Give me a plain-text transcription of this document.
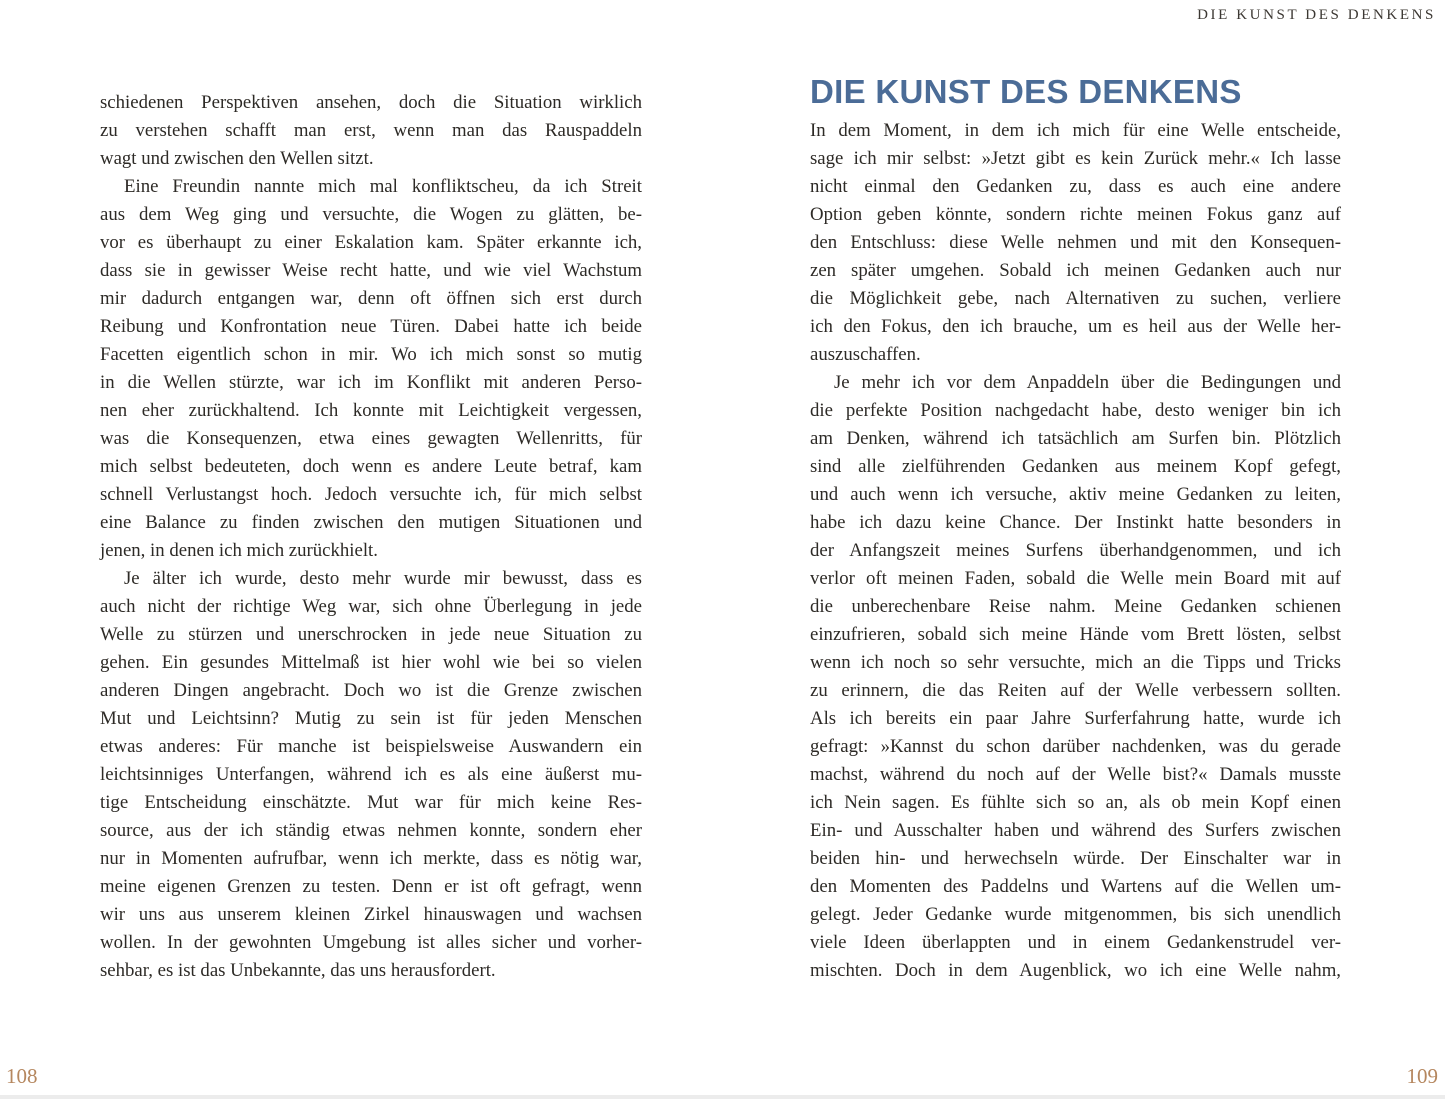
DIE KUNST DES DENKENS
schiedenen Perspektiven ansehen, doch die Situation wirklich
zu verstehen schafft man erst, wenn man das Rauspaddeln
wagt und zwischen den Wellen sitzt.
Eine Freundin nannte mich mal konfliktscheu, da ich Streit
aus dem Weg ging und versuchte, die Wogen zu glätten, be-
vor es überhaupt zu einer Eskalation kam. Später erkannte ich,
dass sie in gewisser Weise recht hatte, und wie viel Wachstum
mir dadurch entgangen war, denn oft öffnen sich erst durch
Reibung und Konfrontation neue Türen. Dabei hatte ich beide
Facetten eigentlich schon in mir. Wo ich mich sonst so mutig
in die Wellen stürzte, war ich im Konflikt mit anderen Perso-
nen eher zurückhaltend. Ich konnte mit Leichtigkeit vergessen,
was die Konsequenzen, etwa eines gewagten Wellenritts, für
mich selbst bedeuteten, doch wenn es andere Leute betraf, kam
schnell Verlustangst hoch. Jedoch versuchte ich, für mich selbst
eine Balance zu finden zwischen den mutigen Situationen und
jenen, in denen ich mich zurückhielt.
Je älter ich wurde, desto mehr wurde mir bewusst, dass es
auch nicht der richtige Weg war, sich ohne Überlegung in jede
Welle zu stürzen und unerschrocken in jede neue Situation zu
gehen. Ein gesundes Mittelmaß ist hier wohl wie bei so vielen
anderen Dingen angebracht. Doch wo ist die Grenze zwischen
Mut und Leichtsinn? Mutig zu sein ist für jeden Menschen
etwas anderes: Für manche ist beispielsweise Auswandern ein
leichtsinniges Unterfangen, während ich es als eine äußerst mu-
tige Entscheidung einschätzte. Mut war für mich keine Res-
source, aus der ich ständig etwas nehmen konnte, sondern eher
nur in Momenten aufrufbar, wenn ich merkte, dass es nötig war,
meine eigenen Grenzen zu testen. Denn er ist oft gefragt, wenn
wir uns aus unserem kleinen Zirkel hinauswagen und wachsen
wollen. In der gewohnten Umgebung ist alles sicher und vorher-
sehbar, es ist das Unbekannte, das uns herausfordert.
DIE KUNST DES DENKENS
In dem Moment, in dem ich mich für eine Welle entscheide,
sage ich mir selbst: »Jetzt gibt es kein Zurück mehr.« Ich lasse
nicht einmal den Gedanken zu, dass es auch eine andere
Option geben könnte, sondern richte meinen Fokus ganz auf
den Entschluss: diese Welle nehmen und mit den Konsequen-
zen später umgehen. Sobald ich meinen Gedanken auch nur
die Möglichkeit gebe, nach Alternativen zu suchen, verliere
ich den Fokus, den ich brauche, um es heil aus der Welle her-
auszuschaffen.
Je mehr ich vor dem Anpaddeln über die Bedingungen und
die perfekte Position nachgedacht habe, desto weniger bin ich
am Denken, während ich tatsächlich am Surfen bin. Plötzlich
sind alle zielführenden Gedanken aus meinem Kopf gefegt,
und auch wenn ich versuche, aktiv meine Gedanken zu leiten,
habe ich dazu keine Chance. Der Instinkt hatte besonders in
der Anfangszeit meines Surfens überhandgenommen, und ich
verlor oft meinen Faden, sobald die Welle mein Board mit auf
die unberechenbare Reise nahm. Meine Gedanken schienen
einzufrieren, sobald sich meine Hände vom Brett lösten, selbst
wenn ich noch so sehr versuchte, mich an die Tipps und Tricks
zu erinnern, die das Reiten auf der Welle verbessern sollten.
Als ich bereits ein paar Jahre Surferfahrung hatte, wurde ich
gefragt: »Kannst du schon darüber nachdenken, was du gerade
machst, während du noch auf der Welle bist?« Damals musste
ich Nein sagen. Es fühlte sich so an, als ob mein Kopf einen
Ein- und Ausschalter haben und während des Surfers zwischen
beiden hin- und herwechseln würde. Der Einschalter war in
den Momenten des Paddelns und Wartens auf die Wellen um-
gelegt. Jeder Gedanke wurde mitgenommen, bis sich unendlich
viele Ideen überlappten und in einem Gedankenstrudel ver-
mischten. Doch in dem Augenblick, wo ich eine Welle nahm,
108	109
